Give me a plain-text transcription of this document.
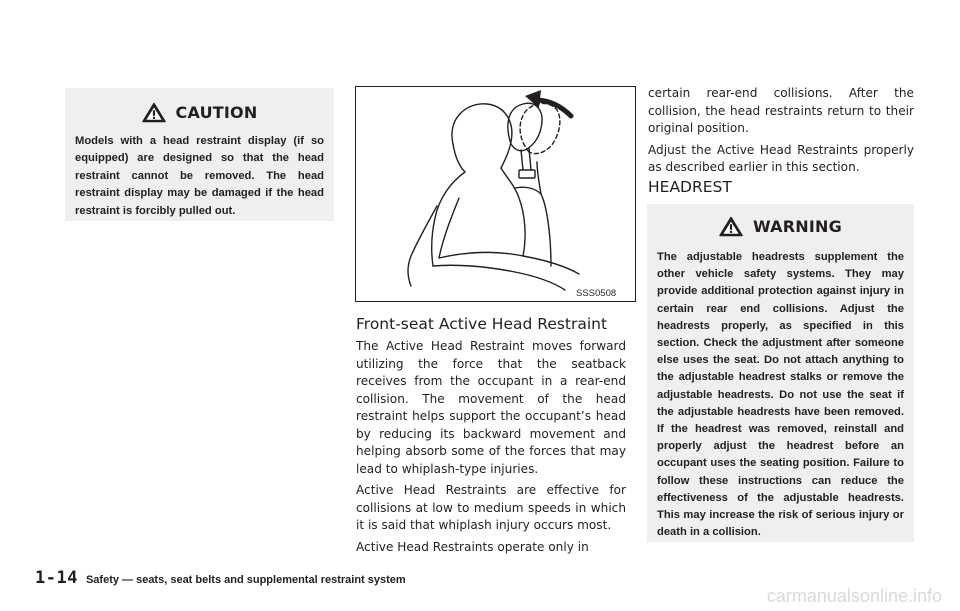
CAUTION
Models with a head restraint display (if so equipped) are designed so that the head restraint cannot be removed. The head restraint display may be damaged if the head restraint is forcibly pulled out.
SSS0508
Front-seat Active Head Restraint

The Active Head Restraint moves forward utilizing the force that the seatback receives from the occupant in a rear-end collision. The movement of the head restraint helps support the occupant’s head by reducing its backward movement and helping absorb some of the forces that may lead to whiplash-type injuries.

Active Head Restraints are effective for collisions at low to medium speeds in which it is said that whiplash injury occurs most.

Active Head Restraints operate only in

certain rear-end collisions. After the collision, the head restraints return to their original position.

Adjust the Active Head Restraints properly as described earlier in this section.

HEADREST
WARNING
The adjustable headrests supplement the other vehicle safety systems. They may provide additional protection against injury in certain rear end collisions. Adjust the headrests properly, as specified in this section. Check the adjustment after someone else uses the seat. Do not attach anything to the adjustable headrest stalks or remove the adjustable headrests. Do not use the seat if the adjustable headrests have been removed. If the headrest was removed, reinstall and properly adjust the headrest before an occupant uses the seating position. Failure to follow these instructions can reduce the effectiveness of the adjustable headrests. This may increase the risk of serious injury or death in a collision.
1-14 Safety — seats, seat belts and supplemental restraint system
carmanualsonline.info
